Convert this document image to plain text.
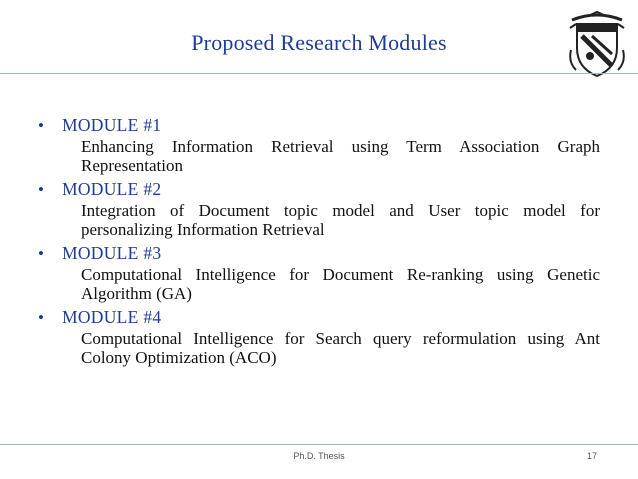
Proposed Research Modules
• MODULE #1
Enhancing Information Retrieval using Term Association Graph Representation
• MODULE #2
Integration of Document topic model and User topic model for personalizing Information Retrieval
• MODULE #3
Computational Intelligence for Document Re-ranking using Genetic Algorithm (GA)
• MODULE #4
Computational Intelligence for Search query reformulation using Ant Colony Optimization (ACO)
Ph.D. Thesis	17
